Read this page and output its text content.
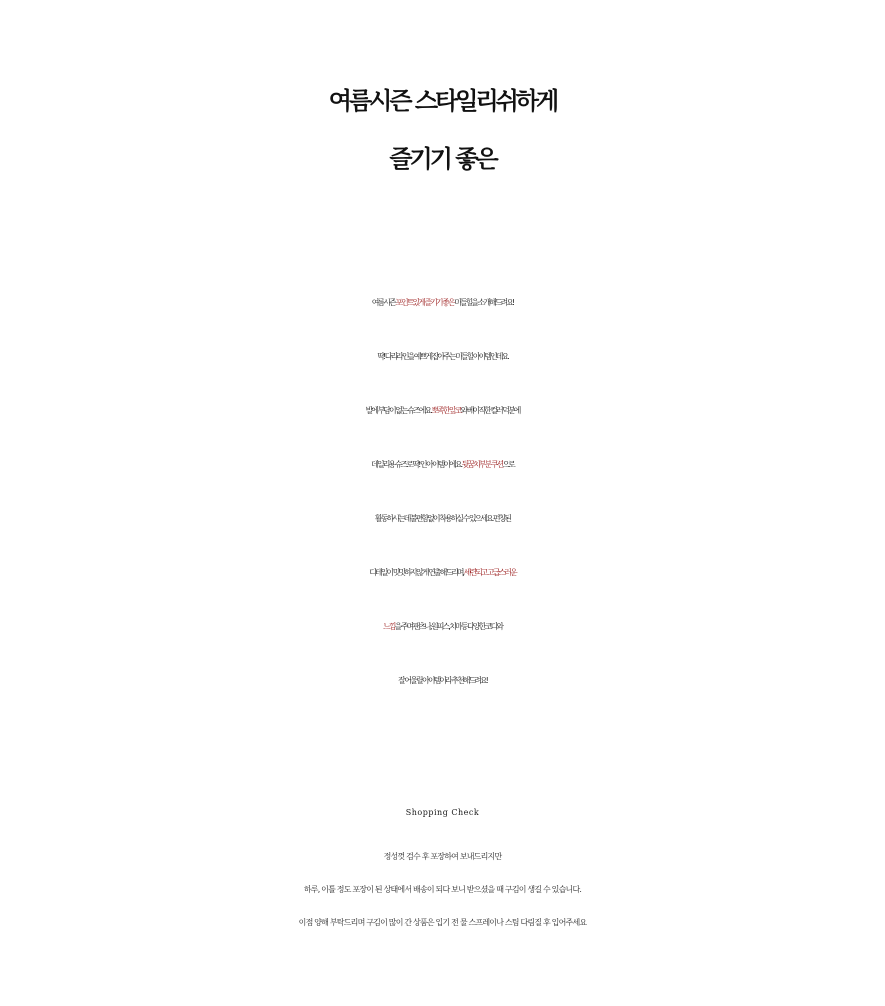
여름시즌 스타일리쉬하게
즐기기 좋은
여름시즌 포인트있게 즐기기 좋은 미들힐을 소개해드려요!
딱! 다리라인을 예쁘게 잡아주는 미들힐 아이템인데요.
발에 부담이 없는 슈즈에요. 뽀족한 앞코와 베이직한 컬러 덕분에
데일리용 슈즈로 딱! 인 아이템이에요. 뒷꿈치부분 쿠션으로
활동하시는데 불편함없이 착용하실 수 있으세요. 펀칭된
디테일이 밋밋하지 않게 연출해드리며, 세련되고 고급스러운
느낌을 주며 팬츠나, 원피스, 치마등 다양한 코디와
잘 어울릴 아이템이라 추천해드려요!
Shopping Check
정성껏 검수 후 포장하여 보내드리지만
하루, 이틀 정도 포장이 된 상태에서 배송이 되다 보니 받으셨을 때 구김이 생길 수 있습니다.
이점 양해 부탁드리며 구김이 많이 간 상품은 입기 전 물 스프레이나 스팀 다림질 후 입어주세요
